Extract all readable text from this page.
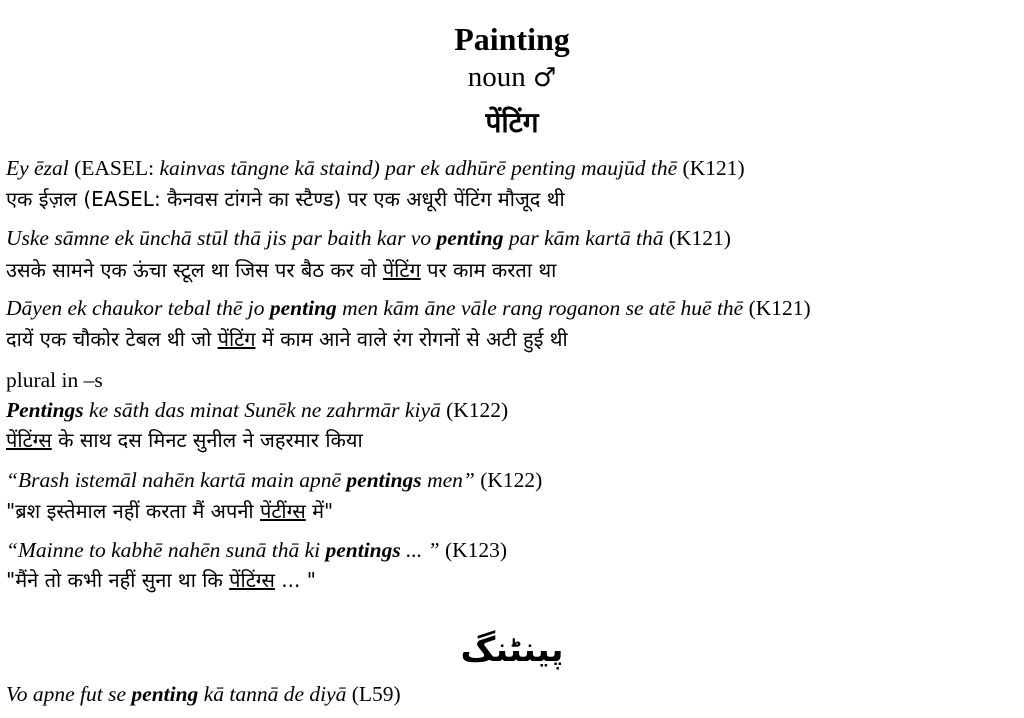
Painting
noun ♂
पेंटिंग
Ey ēzal (EASEL: kainvas tāngne kā staind) par ek adhūrē penting maujūd thē (K121)
एक ईज़ल (EASEL: कैनवस टांगने का स्टैण्ड) पर एक अधूरी पेंटिंग मौजूद थी
Uske sāmne ek ūnchā stūl thā jis par baith kar vo penting par kām kartā thā (K121)
उसके सामने एक ऊंचा स्टूल था जिस पर बैठ कर वो पेंटिंग पर काम करता था
Dāyen ek chaukor tebal thē jo penting men kām āne vāle rang roganon se atē huē thē (K121)
दायें एक चौकोर टेबल थी जो पेंटिंग में काम आने वाले रंग रोगनों से अटी हुई थी
plural in –s
Pentings ke sāth das minat Sunēk ne zahrmār kiyā (K122)
पेंटिंग्स के साथ दस मिनट सुनील ने जहरमार किया
“Brash istemāl nahēn kartā main apnē pentings men” (K122)
"ब्रश इस्तेमाल नहीं करता मैं अपनी पेंटींग्स में"
“Mainne to kabhē nahēn sunā thā ki pentings ... ” (K123)
"मैंने तो कभी नहीं सुना था कि पेंटिंग्स ... "
پینٹنگ
Vo apne fut se penting kā tannā de diyā (L59)
